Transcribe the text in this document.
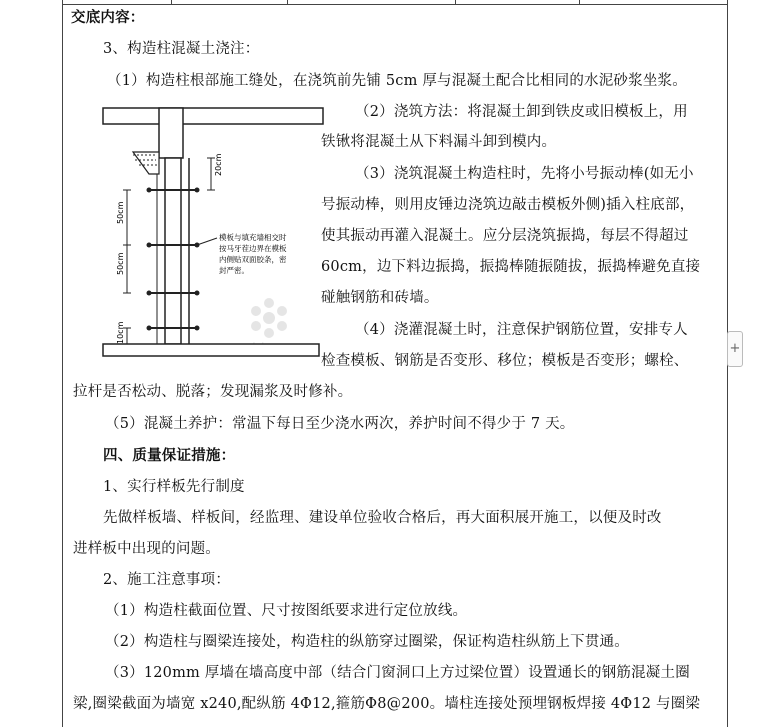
交底内容：
3、构造柱混凝土浇注：
（1）构造柱根部施工缝处，在浇筑前先铺 5cm 厚与混凝土配合比相同的水泥砂浆坐浆。
（2）浇筑方法：将混凝土卸到铁皮或旧模板上，用
铁锹将混凝土从下料漏斗卸到模内。
（3）浇筑混凝土构造柱时，先将小号振动棒(如无小
号振动棒，则用皮锤边浇筑边敲击模板外侧)插入柱底部，
使其振动再灌入混凝土。应分层浇筑振捣，每层不得超过
60cm，边下料边振捣，振捣棒随振随拔，振捣棒避免直接
碰触钢筋和砖墙。
（4）浇灌混凝土时，注意保护钢筋位置，安排专人
检查模板、钢筋是否变形、移位；模板是否变形；螺栓、
拉杆是否松动、脱落；发现漏浆及时修补。
（5）混凝土养护：常温下每日至少浇水两次，养护时间不得少于 7 天。
四、质量保证措施：
1、实行样板先行制度
先做样板墙、样板间，经监理、建设单位验收合格后，再大面积展开施工，以便及时改
进样板中出现的问题。
2、施工注意事项：
（1）构造柱截面位置、尺寸按图纸要求进行定位放线。
（2）构造柱与圈梁连接处，构造柱的纵筋穿过圈梁，保证构造柱纵筋上下贯通。
（3）120mm 厚墙在墙高度中部（结合门窗洞口上方过梁位置）设置通长的钢筋混凝土圈
梁,圈梁截面为墙宽 x240,配纵筋 4Φ12,箍筋Φ8@200。墙柱连接处预埋钢板焊接 4Φ12 与圈梁
20cm
50cm
50cm
10cm
模板与填充墙相交时
按马牙茬边界在模板
内侧贴双面胶条，密
封严密。
+
